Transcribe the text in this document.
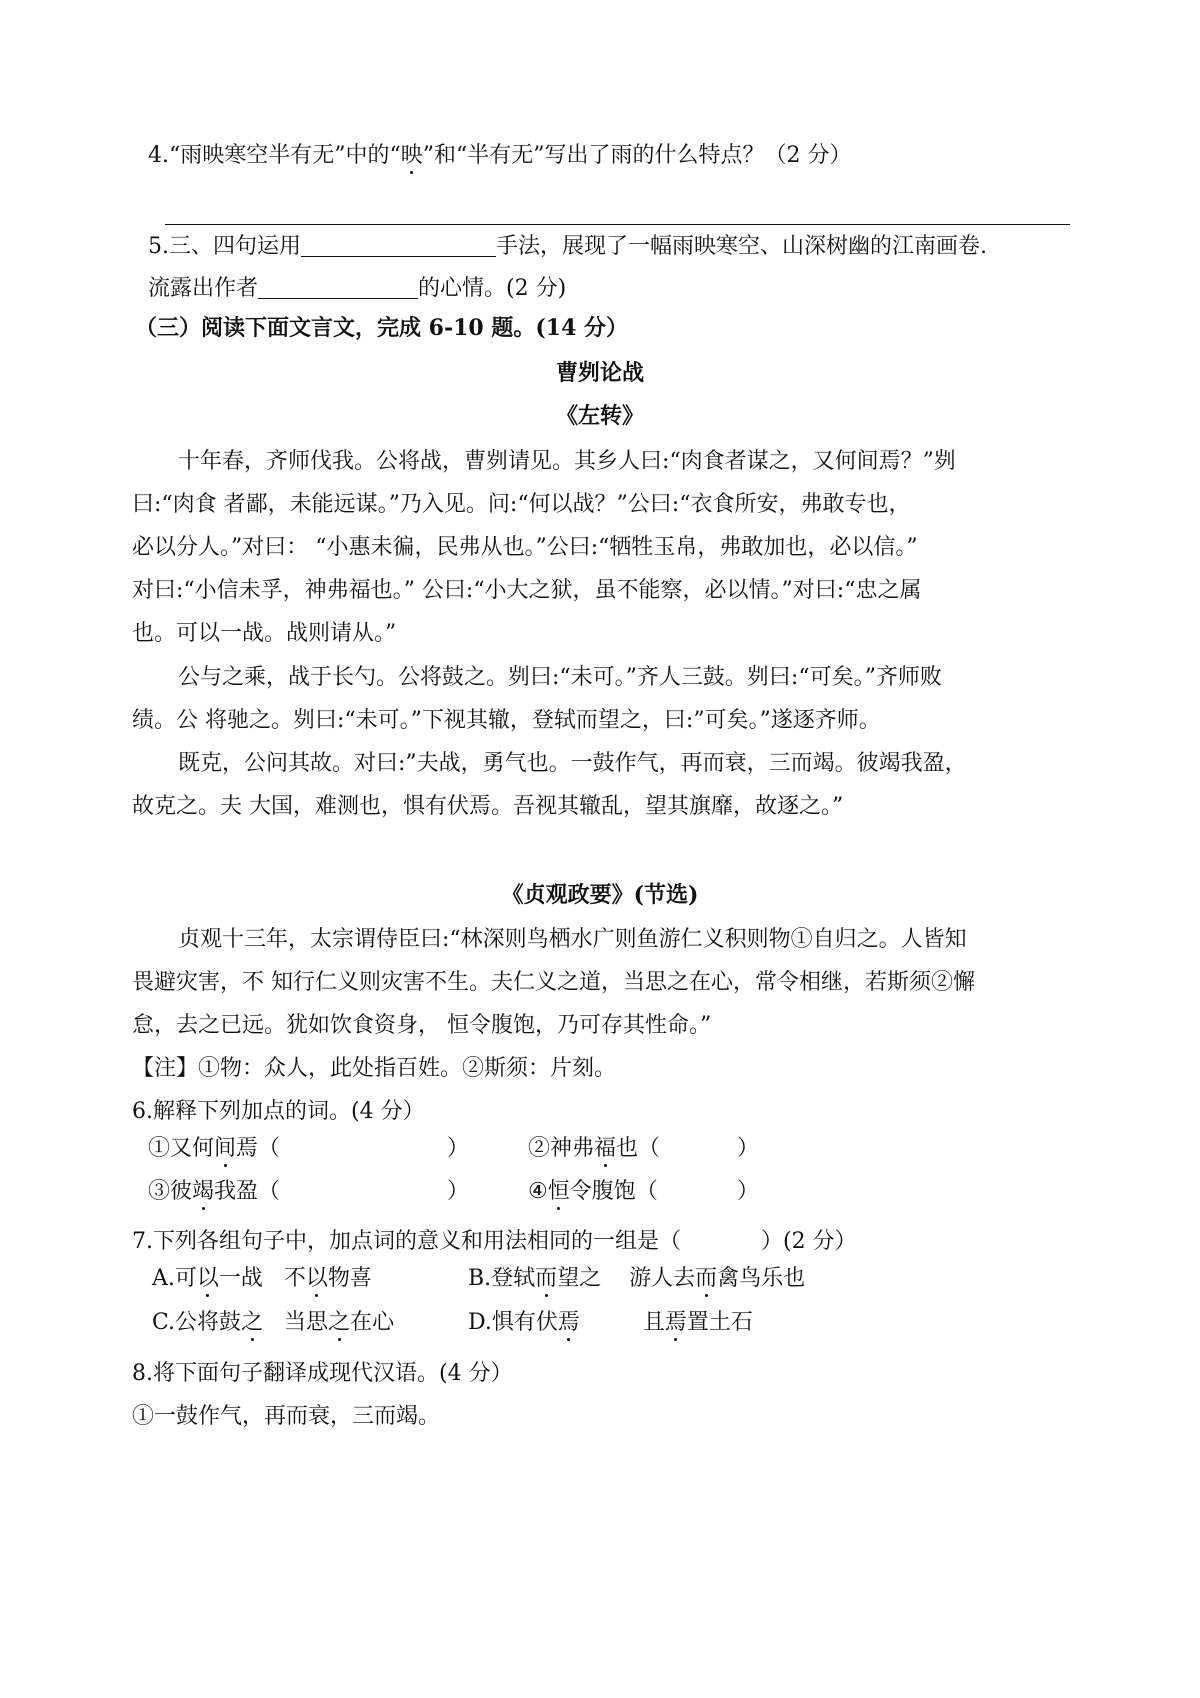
4.“雨映寒空半有无”中的“映”和“半有无”写出了雨的什么特点？（2 分）
5.三、四句运用	手法，展现了一幅雨映寒空、山深树幽的江南画卷.
流露出作者	的心情。(2 分)
（三）阅读下面文言文，完成 6-10 题。(14 分）
曹刿论战
《左转》
十年春，齐师伐我。公将战，曹刿请见。其乡人曰:“肉食者谋之，又何间焉？”刿
曰:“肉食 者鄙，未能远谋。”乃入见。问:“何以战？”公曰:“衣食所安，弗敢专也，
必以分人。”对曰： “小惠未徧，民弗从也。”公曰:“牺牲玉帛，弗敢加也，必以信。”
对曰:“小信未孚，神弗福也。” 公曰:“小大之狱，虽不能察，必以情。”对曰:“忠之属
也。可以一战。战则请从。”
公与之乘，战于长勺。公将鼓之。刿曰:“未可。”齐人三鼓。刿曰:“可矣。”齐师败
绩。公 将驰之。刿曰:“未可。”下视其辙，登轼而望之，曰:”可矣。”遂逐齐师。
既克，公问其故。对曰:”夫战，勇气也。一鼓作气，再而衰，三而竭。彼竭我盈，
故克之。夫 大国，难测也，惧有伏焉。吾视其辙乱，望其旗靡，故逐之。”
《贞观政要》(节选)
贞观十三年，太宗谓侍臣曰:“林深则鸟栖水广则鱼游仁义积则物①自归之。人皆知
畏避灾害，不 知行仁义则灾害不生。夫仁义之道，当思之在心，常令相继，若斯须②懈
怠，去之已远。犹如饮食资身， 恒令腹饱，乃可存其性命。”
【注】①物：众人，此处指百姓。②斯须：片刻。
6.解释下列加点的词。(4 分）
①又何间焉（	）	②神弗福也（	）
③彼竭我盈（	）	④恒令腹饱（	）
7.下列各组句子中，加点词的意义和用法相同的一组是（	）(2 分）
A.可以一战   不以物喜	B.登轼而望之    游人去而禽鸟乐也
C.公将鼓之   当思之在心	D.惧有伏焉         且焉置土石
8.将下面句子翻译成现代汉语。(4 分）
①一鼓作气，再而衰，三而竭。
